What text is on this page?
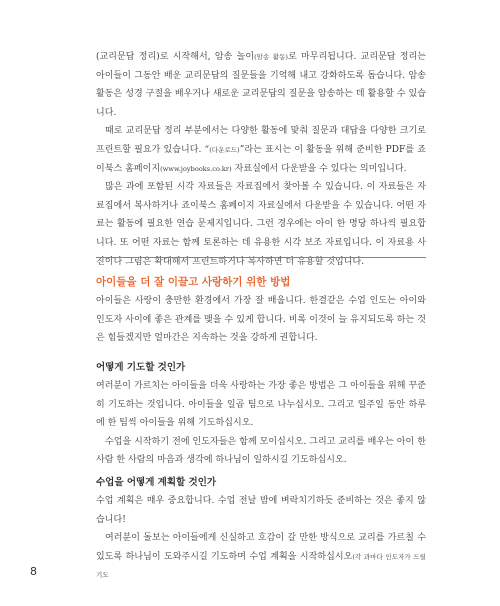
(교리문답 정리)로 시작해서, 암송 놀이(암송 활동)로 마무리됩니다. 교리문답 정리는 아이들이 그동안 배운 교리문답의 질문들을 기억해 내고 강화하도록 돕습니다. 암송 활동은 성경 구절을 배우거나 새로운 교리문답의 질문을 암송하는 데 활용할 수 있습니다.

때로 교리문답 정리 부분에서는 다양한 활동에 맞춰 질문과 대답을 다양한 크기로 프린트할 필요가 있습니다. “(다운로드)”라는 표시는 이 활동을 위해 준비한 PDF를 죠이북스 홈페이지(www.joybooks.co.kr) 자료실에서 다운받을 수 있다는 의미입니다.

많은 과에 포함된 시각 자료들은 자료집에서 찾아볼 수 있습니다. 이 자료들은 자료집에서 복사하거나 죠이북스 홈페이지 자료실에서 다운받을 수 있습니다. 어떤 자료는 활동에 필요한 연습 문제지입니다. 그런 경우에는 아이 한 명당 하나씩 필요합니다. 또 어떤 자료는 함께 토론하는 데 유용한 시각 보조 자료입니다. 이 자료용 사진이나 그림은 확대해서 프린트하거나 복사하면 더 유용할 것입니다.

아이들을 더 잘 이끌고 사랑하기 위한 방법

아이들은 사랑이 충만한 환경에서 가장 잘 배웁니다. 한결같은 수업 인도는 아이와 인도자 사이에 좋은 관계를 맺을 수 있게 합니다. 비록 이것이 늘 유지되도록 하는 것은 힘들겠지만 얼마간은 지속하는 것을 강하게 권합니다.

어떻게 기도할 것인가

여러분이 가르치는 아이들을 더욱 사랑하는 가장 좋은 방법은 그 아이들을 위해 꾸준히 기도하는 것입니다. 아이들을 일곱 팀으로 나누십시오. 그리고 일주일 동안 하루에 한 팀씩 아이들을 위해 기도하십시오.

수업을 시작하기 전에 인도자들은 함께 모이십시오. 그리고 교리를 배우는 아이 한 사람 한 사람의 마음과 생각에 하나님이 일하시길 기도하십시오.

수업을 어떻게 계획할 것인가

수업 계획은 매우 중요합니다. 수업 전날 밤에 벼락치기하듯 준비하는 것은 좋지 않습니다!

여러분이 돌보는 아이들에게 신실하고 호감이 갈 만한 방식으로 교리를 가르칠 수 있도록 하나님이 도와주시길 기도하며 수업 계획을 시작하십시오(각 과마다 인도자가 드릴 기도

8
